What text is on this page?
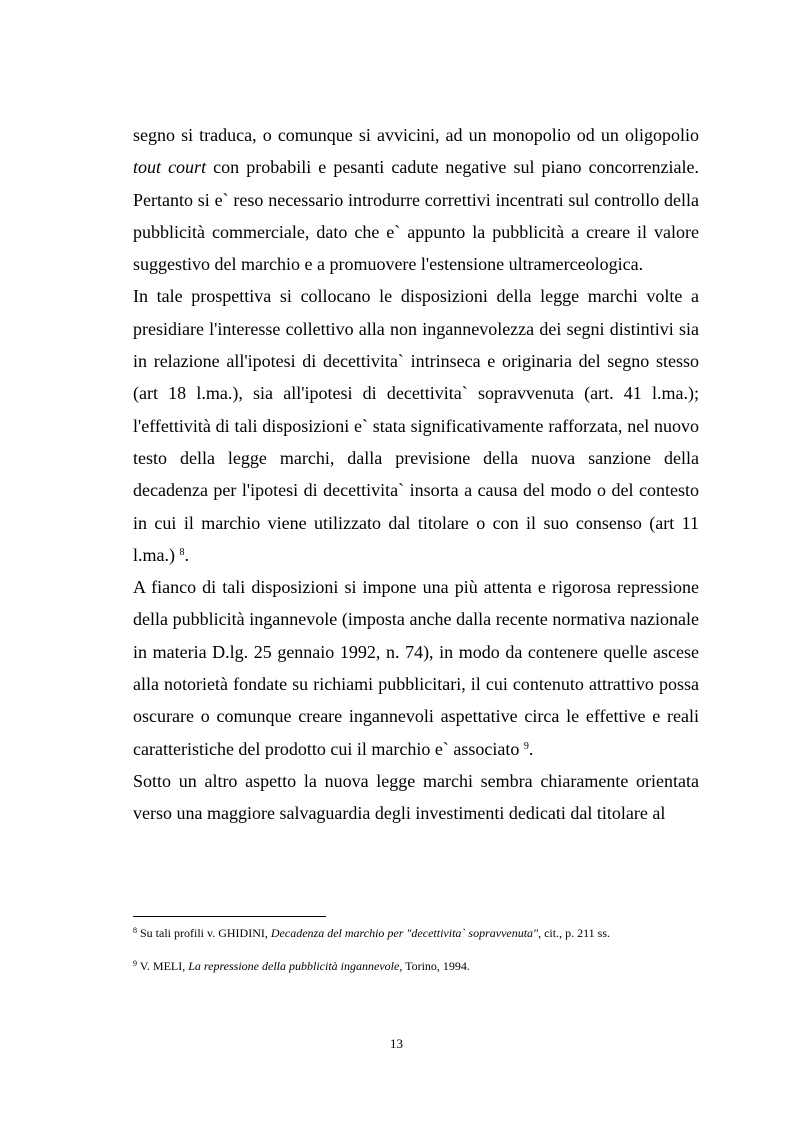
segno si traduca, o comunque si avvicini, ad un monopolio od un oligopolio tout court con probabili e pesanti cadute negative sul piano concorrenziale. Pertanto si e` reso necessario introdurre correttivi incentrati sul controllo della pubblicità commerciale, dato che e` appunto la pubblicità a creare il valore suggestivo del marchio e a promuovere l'estensione ultramerceologica.

In tale prospettiva si collocano le disposizioni della legge marchi volte a presidiare l'interesse collettivo alla non ingannevolezza dei segni distintivi sia in relazione all'ipotesi di decettivita` intrinseca e originaria del segno stesso (art 18 l.ma.), sia all'ipotesi di decettivita` sopravvenuta (art. 41 l.ma.); l'effettività di tali disposizioni e` stata significativamente rafforzata, nel nuovo testo della legge marchi, dalla previsione della nuova sanzione della decadenza per l'ipotesi di decettivita` insorta a causa del modo o del contesto in cui il marchio viene utilizzato dal titolare o con il suo consenso (art 11 l.ma.) $^8$.

A fianco di tali disposizioni si impone una più attenta e rigorosa repressione della pubblicità ingannevole (imposta anche dalla recente normativa nazionale in materia D.lg. 25 gennaio 1992, n. 74), in modo da contenere quelle ascese alla notorietà fondate su richiami pubblicitari, il cui contenuto attrattivo possa oscurare o comunque creare ingannevoli aspettative circa le effettive e reali caratteristiche del prodotto cui il marchio e` associato $^9$.

Sotto un altro aspetto la nuova legge marchi sembra chiaramente orientata verso una maggiore salvaguardia degli investimenti dedicati dal titolare al

$^8$ Su tali profili v. GHIDINI, Decadenza del marchio per "decettivita` sopravvenuta", cit., p. 211 ss.

$^9$ V. MELI, La repressione della pubblicità ingannevole, Torino, 1994.

13
